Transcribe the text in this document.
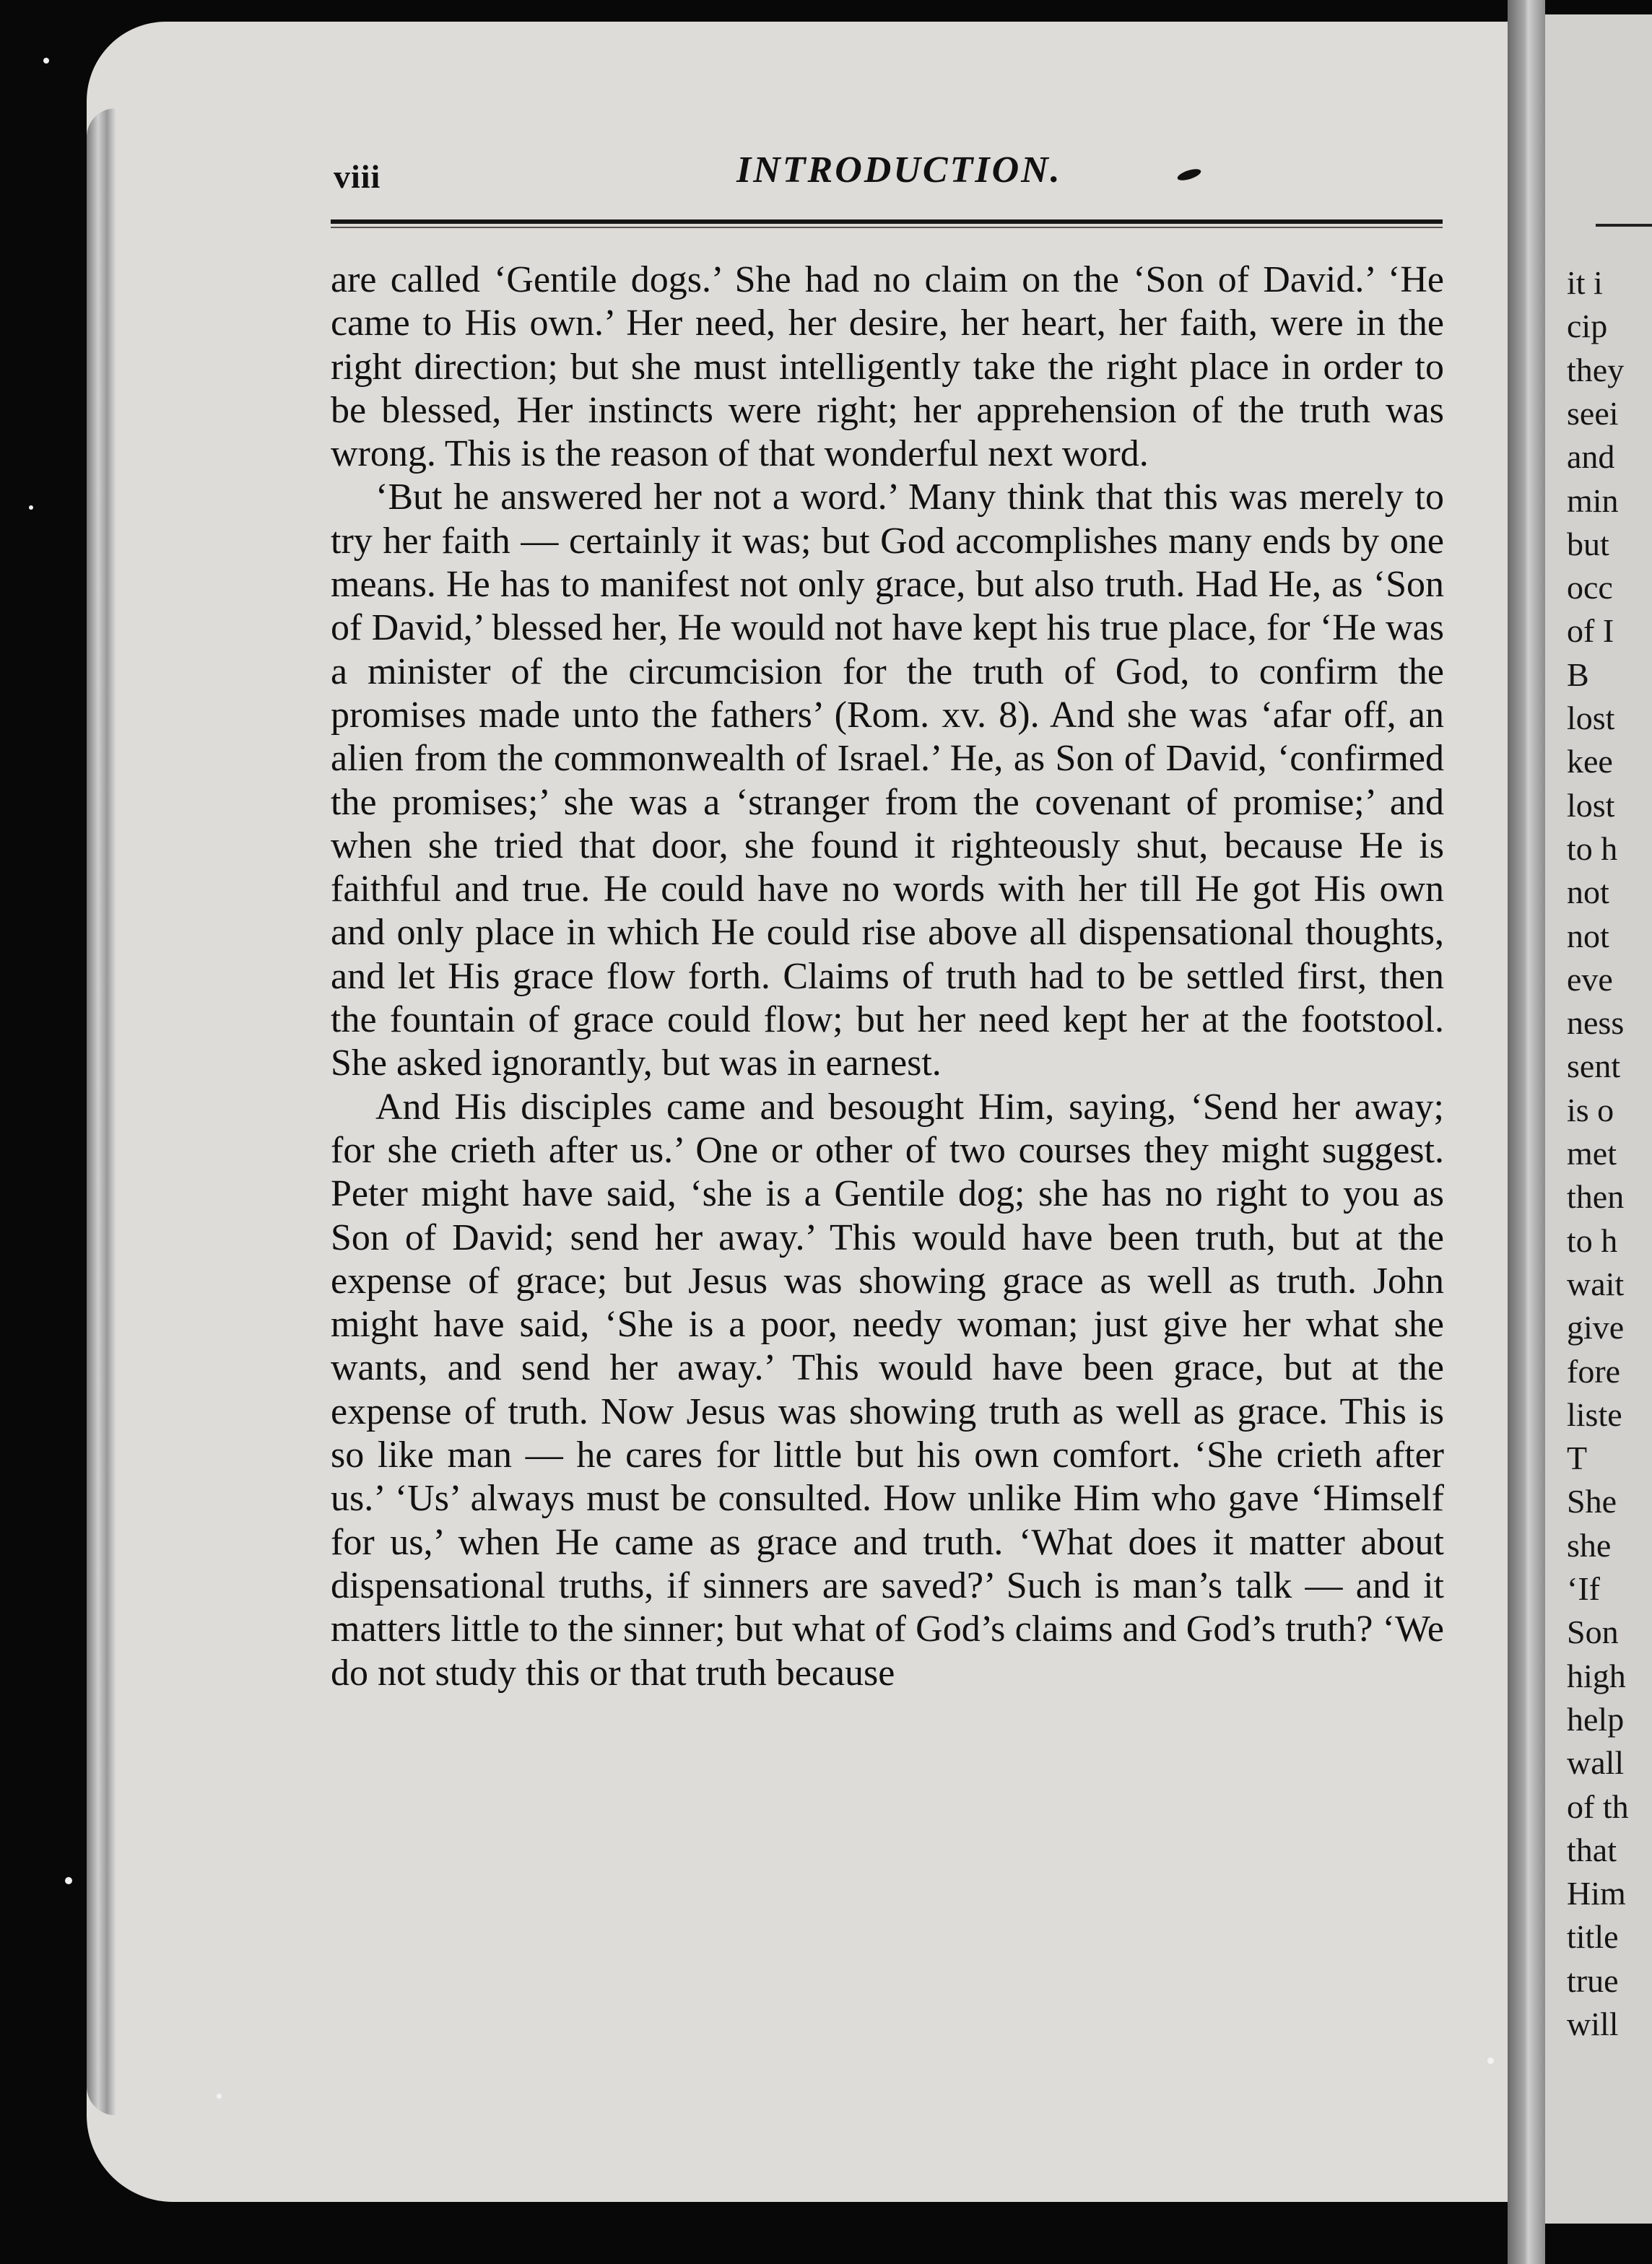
it i
cip
they
seei
and
min
but
occ
of I
B
lost
kee
lost
to h
not
not
eve
ness
sent
is o
met
then
to h
wait
give
fore
liste
T
She
she
‘If
Son
high
help
wall
of th
that
Him
title
true
will
viii	INTRODUCTION.

are called ‘Gentile dogs.’ She had no claim on the ‘Son of David.’ ‘He came to His own.’ Her need, her desire, her heart, her faith, were in the right direction; but she must intelligently take the right place in order to be blessed, Her instincts were right; her apprehension of the truth was wrong. This is the reason of that wonderful next word.

‘But he answered her not a word.’ Many think that this was merely to try her faith — certainly it was; but God accomplishes many ends by one means. He has to manifest not only grace, but also truth. Had He, as ‘Son of David,’ blessed her, He would not have kept his true place, for ‘He was a minister of the circumcision for the truth of God, to confirm the promises made unto the fathers’ (Rom. xv. 8). And she was ‘afar off, an alien from the commonwealth of Israel.’ He, as Son of David, ‘confirmed the promises;’ she was a ‘stranger from the covenant of promise;’ and when she tried that door, she found it righteously shut, because He is faithful and true. He could have no words with her till He got His own and only place in which He could rise above all dispensational thoughts, and let His grace flow forth. Claims of truth had to be settled first, then the fountain of grace could flow; but her need kept her at the footstool. She asked ignorantly, but was in earnest.

And His disciples came and besought Him, saying, ‘Send her away; for she crieth after us.’ One or other of two courses they might suggest. Peter might have said, ‘she is a Gentile dog; she has no right to you as Son of David; send her away.’ This would have been truth, but at the expense of grace; but Jesus was showing grace as well as truth. John might have said, ‘She is a poor, needy woman; just give her what she wants, and send her away.’ This would have been grace, but at the expense of truth. Now Jesus was showing truth as well as grace. This is so like man — he cares for little but his own comfort. ‘She crieth after us.’ ‘Us’ always must be consulted. How unlike Him who gave ‘Himself for us,’ when He came as grace and truth. ‘What does it matter about dispensational truths, if sinners are saved?’ Such is man’s talk — and it matters little to the sinner; but what of God’s claims and God’s truth? ‘We do not study this or that truth because
